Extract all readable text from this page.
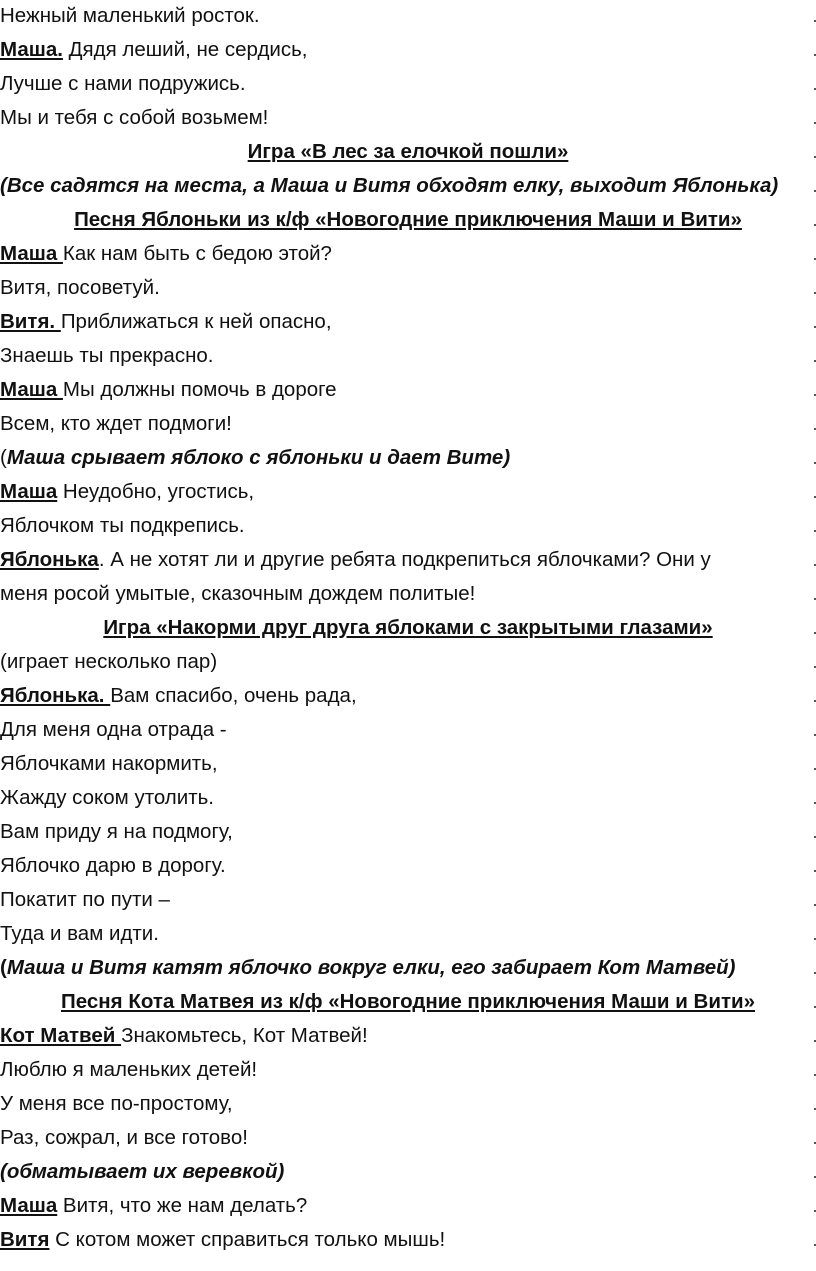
Нежный маленький росток.
Маша. Дядя леший, не сердись,
Лучше с нами подружись.
Мы и тебя с собой возьмем!
Игра «В лес за елочкой пошли»
(Все садятся на места, а Маша и Витя обходят елку, выходит Яблонька)
Песня Яблоньки из к/ф «Новогодние приключения Маши и Вити»
Маша Как нам быть с бедою этой?
Витя, посоветуй.
Витя. Приближаться к ней опасно,
Знаешь ты прекрасно.
Маша Мы должны помочь в дороге
Всем, кто ждет подмоги!
(Маша срывает яблоко с яблоньки и дает Вите)
Маша Неудобно, угостись,
Яблочком ты подкрепись.
Яблонька. А не хотят ли и другие ребята подкрепиться яблочками? Они у
меня росой умытые, сказочным дождем политые!
Игра «Накорми друг друга яблоками с закрытыми глазами»
(играет несколько пар)
Яблонька. Вам спасибо, очень рада,
Для меня одна отрада -
Яблочками накормить,
Жажду соком утолить.
Вам приду я на подмогу,
Яблочко дарю в дорогу.
Покатит по пути –
Туда и вам идти.
(Маша и Витя катят яблочко вокруг елки, его забирает Кот Матвей)
Песня Кота Матвея из к/ф «Новогодние приключения Маши и Вити»
Кот Матвей Знакомьтесь, Кот Матвей!
Люблю я маленьких детей!
У меня все по-простому,
Раз, сожрал, и все готово!
(обматывает их веревкой)
Маша Витя, что же нам делать?
Витя С котом может справиться только мышь!
